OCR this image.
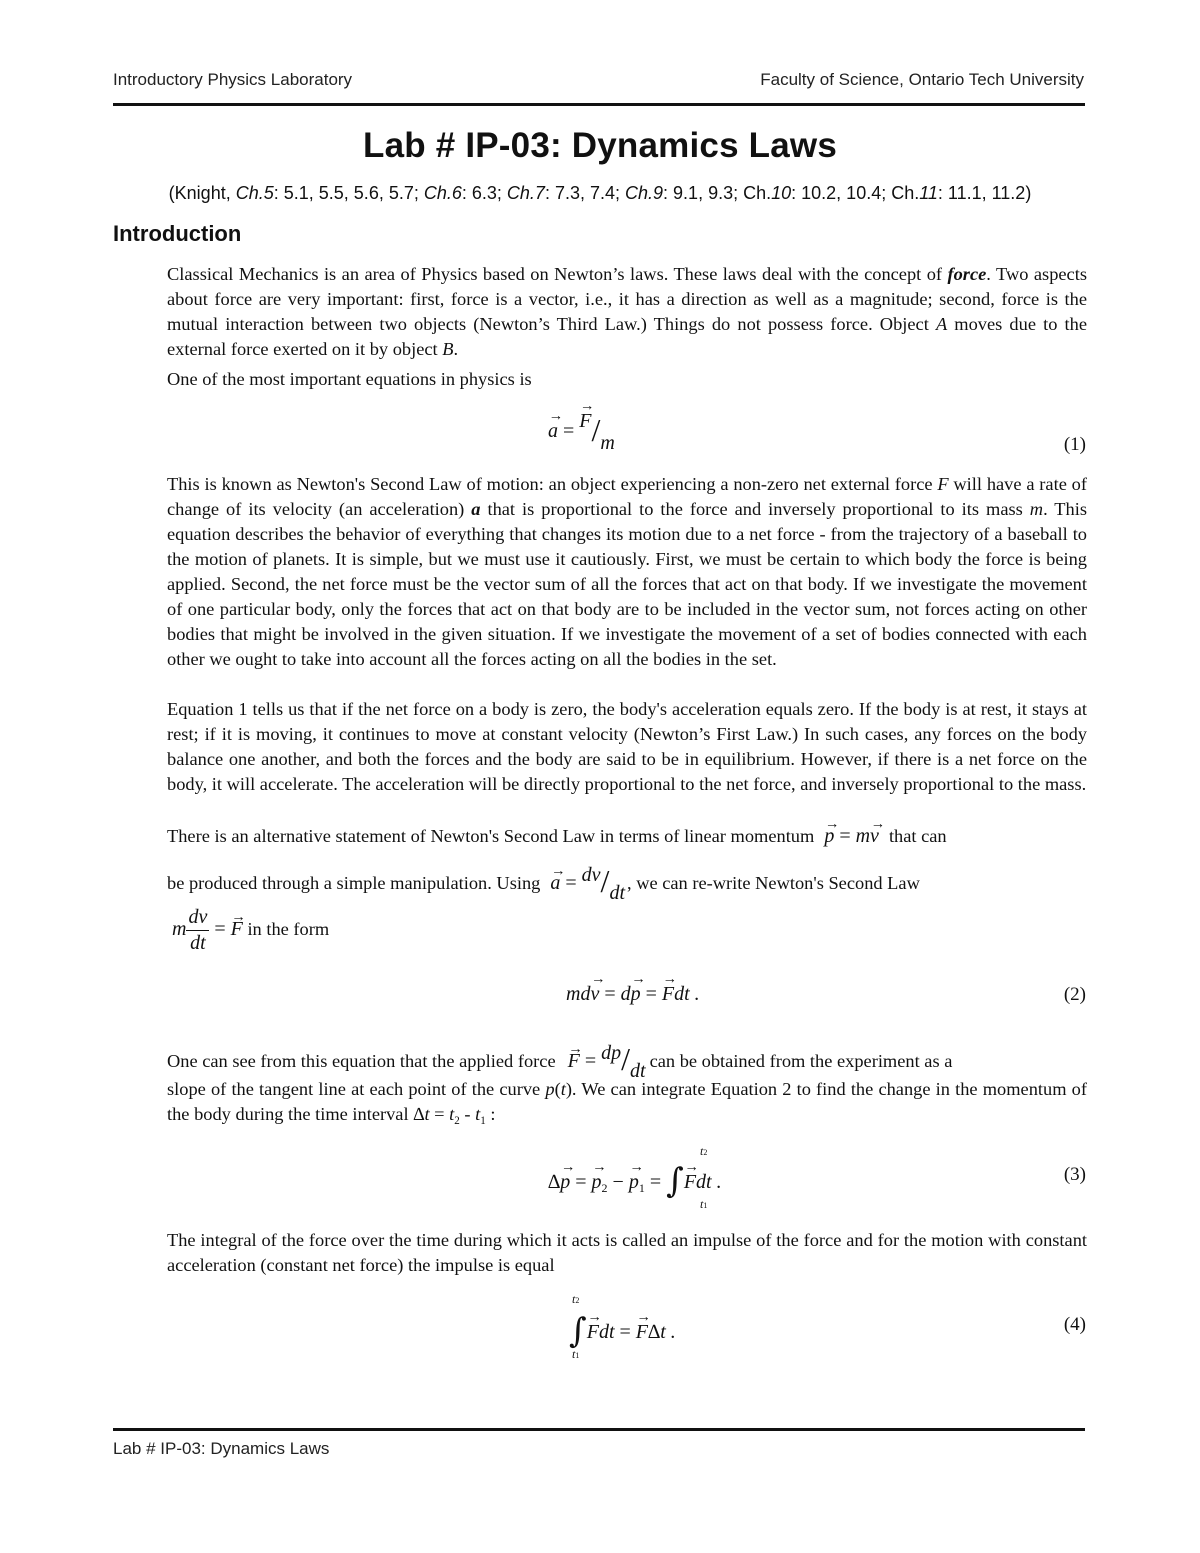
Introductory Physics Laboratory	Faculty of Science, Ontario Tech University
Lab # IP-03: Dynamics Laws
(Knight, Ch.5: 5.1, 5.5, 5.6, 5.7; Ch.6: 6.3; Ch.7: 7.3, 7.4; Ch.9: 9.1, 9.3; Ch.10: 10.2, 10.4; Ch.11: 11.1, 11.2)
Introduction
Classical Mechanics is an area of Physics based on Newton’s laws. These laws deal with the concept of force. Two aspects about force are very important: first, force is a vector, i.e., it has a direction as well as a magnitude; second, force is the mutual interaction between two objects (Newton’s Third Law.) Things do not possess force. Object A moves due to the external force exerted on it by object B.
One of the most important equations in physics is
→ a = → F/m	(1)
This is known as Newton's Second Law of motion: an object experiencing a non-zero net external force F will have a rate of change of its velocity (an acceleration) a that is proportional to the force and inversely proportional to its mass m. This equation describes the behavior of everything that changes its motion due to a net force - from the trajectory of a baseball to the motion of planets. It is simple, but we must use it cautiously. First, we must be certain to which body the force is being applied. Second, the net force must be the vector sum of all the forces that act on that body. If we investigate the movement of one particular body, only the forces that act on that body are to be included in the vector sum, not forces acting on other bodies that might be involved in the given situation. If we investigate the movement of a set of bodies connected with each other we ought to take into account all the forces acting on all the bodies in the set.
Equation 1 tells us that if the net force on a body is zero, the body's acceleration equals zero. If the body is at rest, it stays at rest; if it is moving, it continues to move at constant velocity (Newton’s First Law.) In such cases, any forces on the body balance one another, and both the forces and the body are said to be in equilibrium. However, if there is a net force on the body, it will accelerate. The acceleration will be directly proportional to the net force, and inversely proportional to the mass.
There is an alternative statement of Newton's Second Law in terms of linear momentum → p = m→ v that can
be produced through a simple manipulation. Using → a = dv/dt , we can re-write Newton's Second Law
m $\frac{dv}{dt}$ = → F in the form
md→ v = d→ p = → Fdt .	(2)
One can see from this equation that the applied force → F = dp/dt can be obtained from the experiment as a
slope of the tangent line at each point of the curve p(t). We can integrate Equation 2 to find the change in the momentum of the body during the time interval $\Delta t = t_2 - t_1$ :
∆→ p = → $p_2$ − → $p_1$ = ∫→ Fdt .
t2
t1
(3)
The integral of the force over the time during which it acts is called an impulse of the force and for the motion with constant acceleration (constant net force) the impulse is equal
∫→ Fdt = → F∆t .
t2
t1
(4)
Lab # IP-03: Dynamics Laws
